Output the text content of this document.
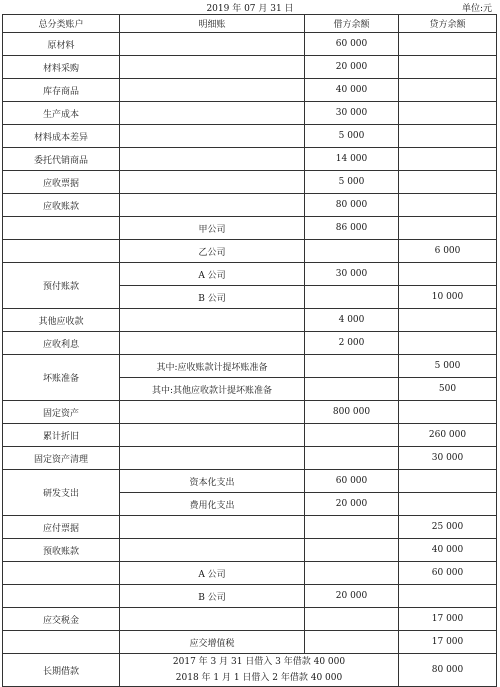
2019 年 07 月 31 日	单位:元
总分类账户	明细账	借方余额	贷方余额
原材料		60 000	
材料采购		20 000	
库存商品		40 000	
生产成本		30 000	
材料成本差异		5 000	
委托代销商品		14 000	
应收票据		5 000	
应收账款		80 000	
	甲公司	86 000	
	乙公司		6 000
预付账款	A 公司	30 000	
	B 公司		10 000
其他应收款		4 000	
应收利息		2 000	
坏账准备	其中:应收账款计提坏账准备		5 000
	其中:其他应收款计提坏账准备		500
固定资产		800 000	
累计折旧			260 000
固定资产清理			30 000
研发支出	资本化支出	60 000	
	费用化支出	20 000	
应付票据			25 000
预收账款			40 000
	A 公司		60 000
	B 公司	20 000	
应交税金			17 000
	应交增值税		17 000
长期借款	2017 年 3 月 31 日借入 3 年借款 40 000
2018 年 1 月 1 日借入 2 年借款 40 000		80 000
